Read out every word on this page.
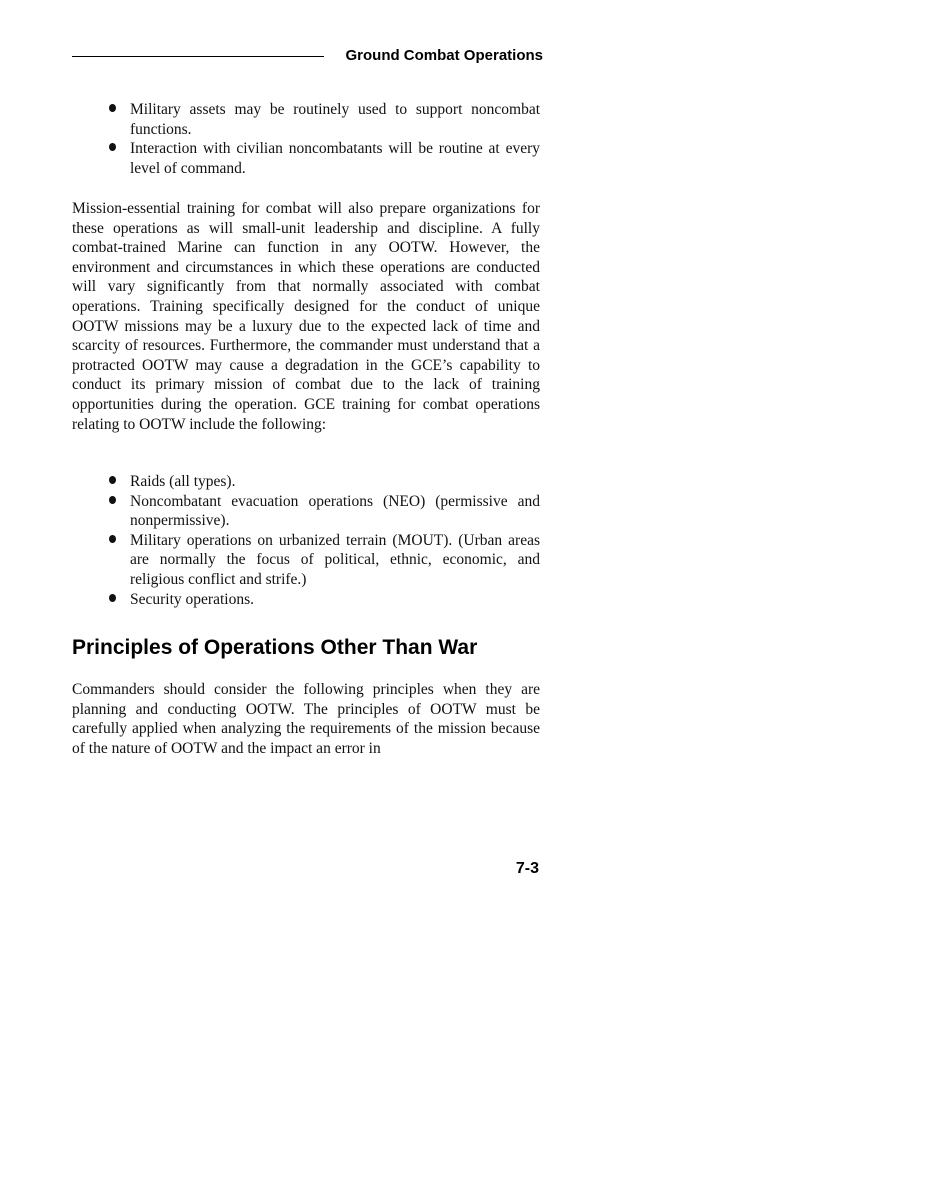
Ground Combat Operations
Military assets may be routinely used to support noncombat functions.
Interaction with civilian noncombatants will be routine at every level of command.

Mission-essential training for combat will also prepare organizations for these operations as will small-unit leadership and discipline. A fully combat-trained Marine can function in any OOTW. However, the environment and circumstances in which these operations are conducted will vary significantly from that normally associated with combat operations. Training specifically designed for the conduct of unique OOTW missions may be a luxury due to the expected lack of time and scarcity of resources. Furthermore, the commander must understand that a protracted OOTW may cause a degradation in the GCE’s capability to conduct its primary mission of combat due to the lack of training opportunities during the operation. GCE training for combat operations relating to OOTW include the following:

Raids (all types).
Noncombatant evacuation operations (NEO) (permissive and nonpermissive).
Military operations on urbanized terrain (MOUT). (Urban areas are normally the focus of political, ethnic, economic, and religious conflict and strife.)
Security operations.
Principles of Operations Other Than War

Commanders should consider the following principles when they are planning and conducting OOTW. The principles of OOTW must be carefully applied when analyzing the requirements of the mission because of the nature of OOTW and the impact an error in

7-3
